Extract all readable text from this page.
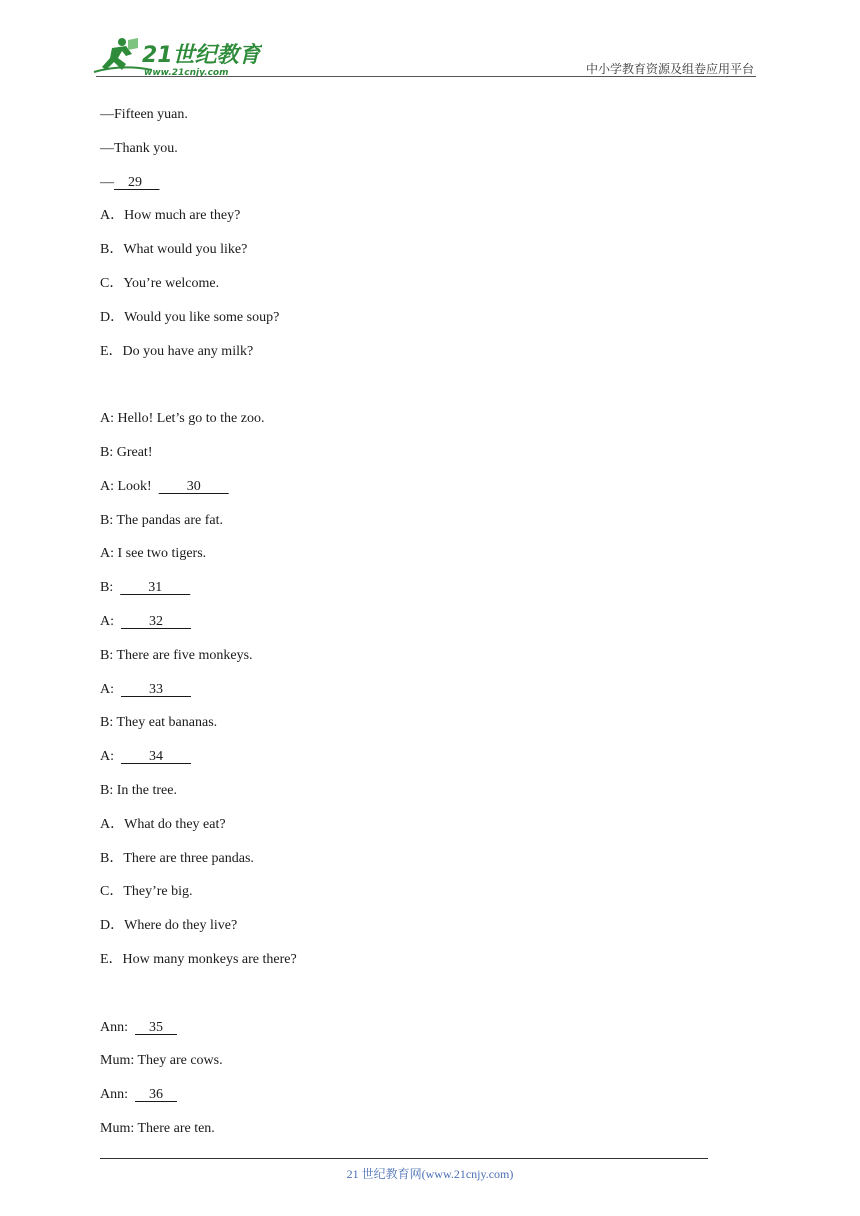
21世纪教育
www.21cnjy.com	中小学教育资源及组卷应用平台
—Fifteen yuan.
—Thank you.
—    29
A．How much are they?
B．What would you like?
C．You’re welcome.
D．Would you like some soup?
E．Do you have any milk?
A: Hello! Let’s go to the zoo.
B: Great!
A: Look!          30
B: The pandas are fat.
A: I see two tigers.
B:          31
A:          32
B: There are five monkeys.
A:          33
B: They eat bananas.
A:          34
B: In the tree.
A．What do they eat?
B．There are three pandas.
C．They’re big.
D．Where do they live?
E．How many monkeys are there?
Ann:      35
Mum: They are cows.
Ann:      36
Mum: There are ten.
21 世纪教育网(www.21cnjy.com)
